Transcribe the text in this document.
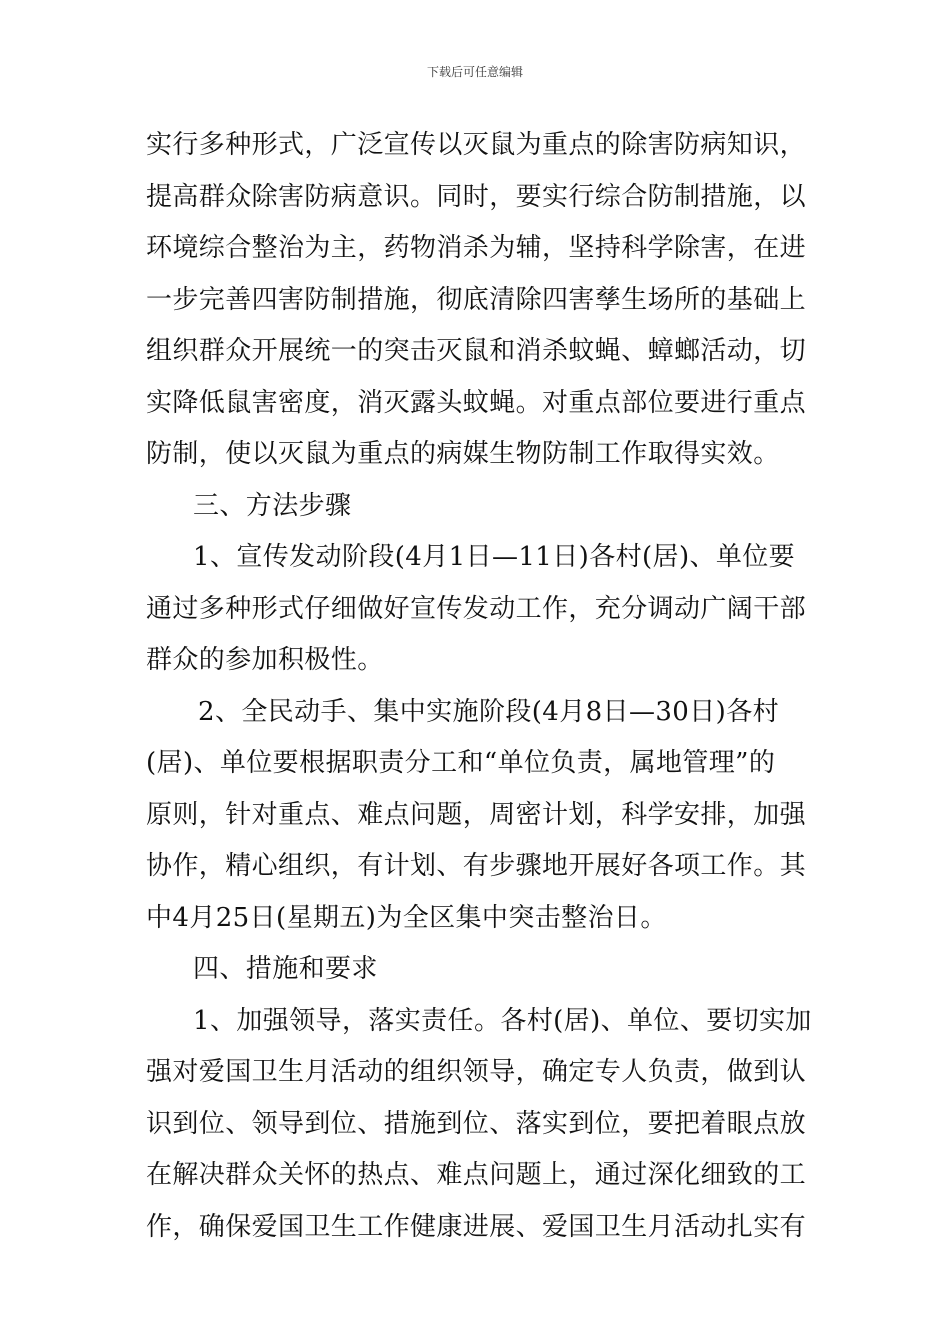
下载后可任意编辑
实行多种形式，广泛宣传以灭鼠为重点的除害防病知识，
提高群众除害防病意识。同时，要实行综合防制措施，以
环境综合整治为主，药物消杀为辅，坚持科学除害，在进
一步完善四害防制措施，彻底清除四害孳生场所的基础上
组织群众开展统一的突击灭鼠和消杀蚊蝇、蟑螂活动，切
实降低鼠害密度，消灭露头蚊蝇。对重点部位要进行重点
防制，使以灭鼠为重点的病媒生物防制工作取得实效。
三、方法步骤
1、宣传发动阶段(4月1日—11日)各村(居)、单位要
通过多种形式仔细做好宣传发动工作，充分调动广阔干部
群众的参加积极性。
2、全民动手、集中实施阶段(4月8日—30日)各村
(居)、单位要根据职责分工和“单位负责，属地管理”的
原则，针对重点、难点问题，周密计划，科学安排，加强
协作，精心组织，有计划、有步骤地开展好各项工作。其
中4月25日(星期五)为全区集中突击整治日。
四、措施和要求
1、加强领导，落实责任。各村(居)、单位、要切实加
强对爱国卫生月活动的组织领导，确定专人负责，做到认
识到位、领导到位、措施到位、落实到位，要把着眼点放
在解决群众关怀的热点、难点问题上，通过深化细致的工
作，确保爱国卫生工作健康进展、爱国卫生月活动扎实有
